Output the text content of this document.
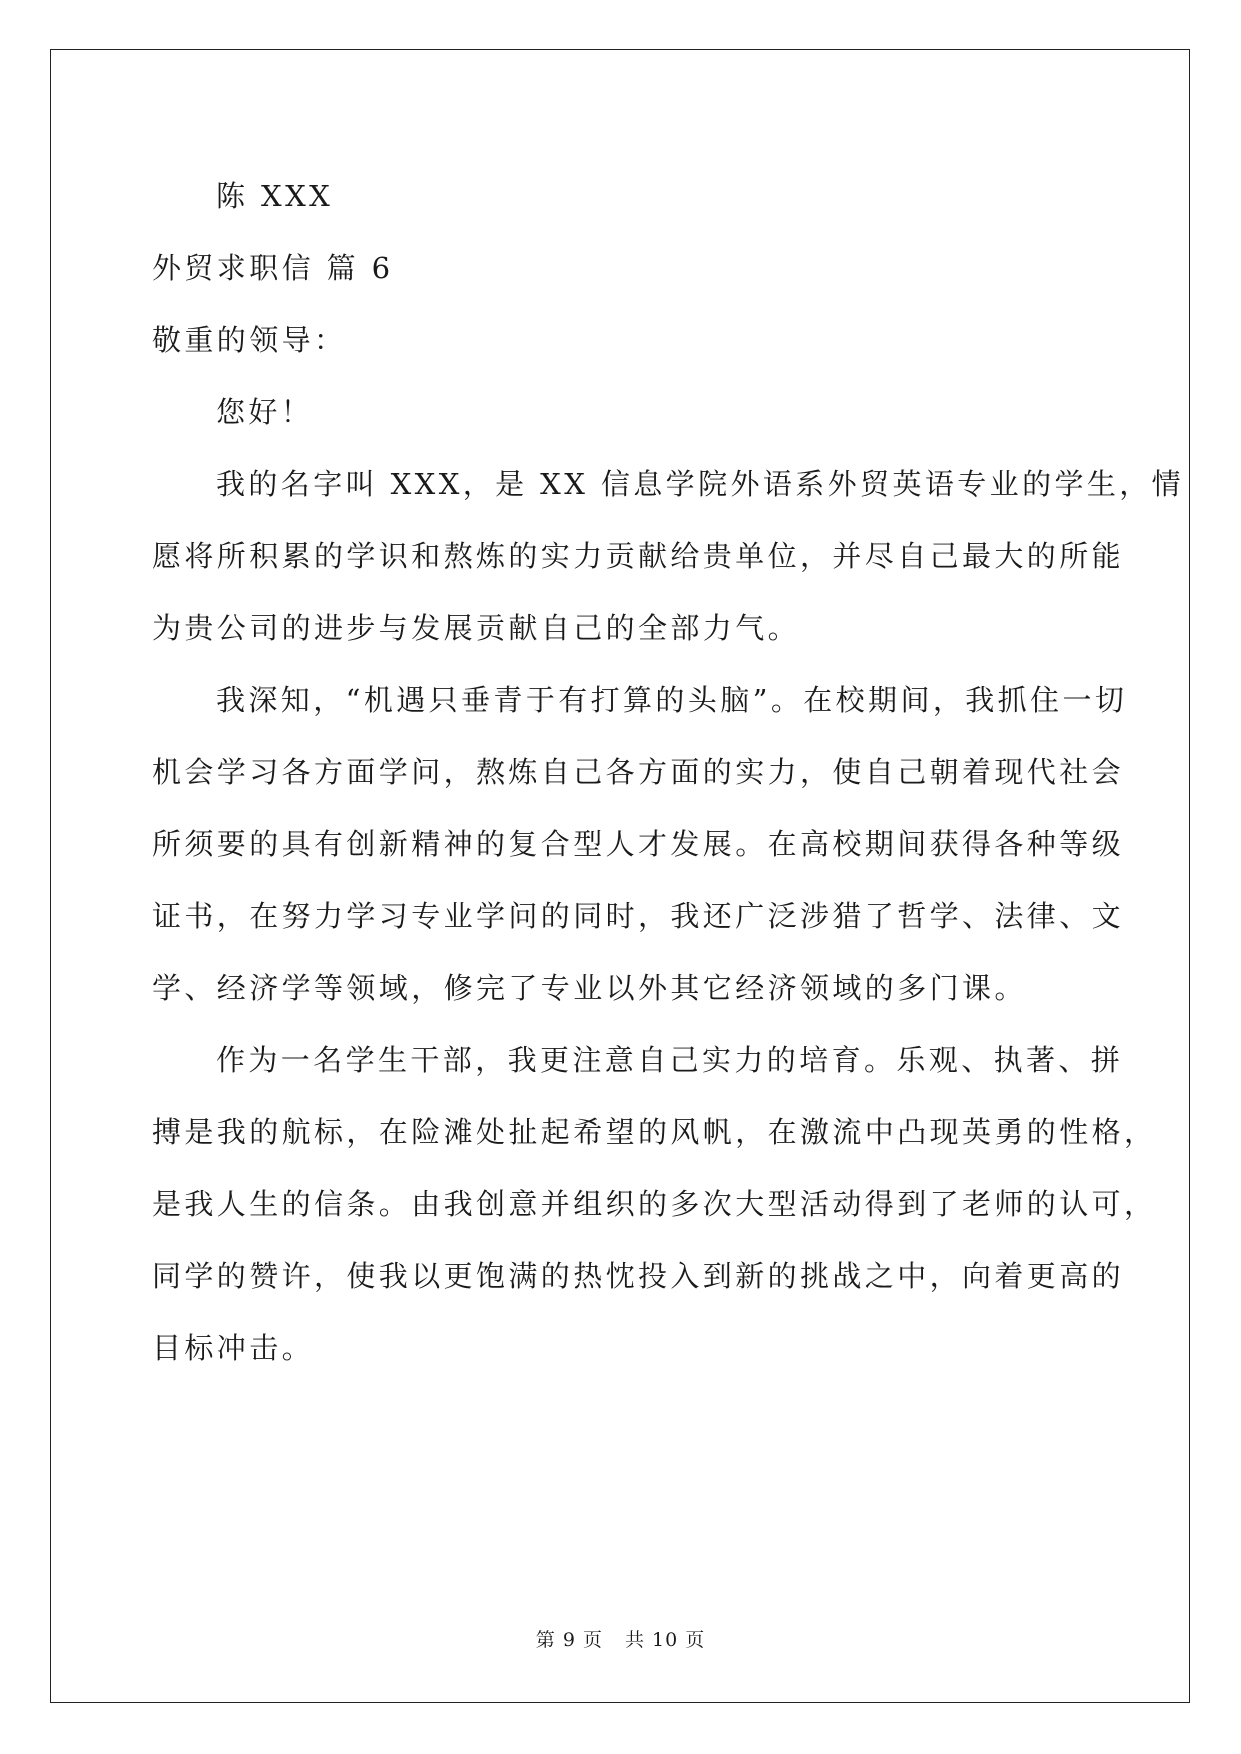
陈 XXX
外贸求职信 篇 6
敬重的领导：
您好！
我的名字叫 XXX，是 XX 信息学院外语系外贸英语专业的学生，情
愿将所积累的学识和熬炼的实力贡献给贵单位，并尽自己最大的所能
为贵公司的进步与发展贡献自己的全部力气。
我深知，“机遇只垂青于有打算的头脑”。在校期间，我抓住一切
机会学习各方面学问，熬炼自己各方面的实力，使自己朝着现代社会
所须要的具有创新精神的复合型人才发展。在高校期间获得各种等级
证书，在努力学习专业学问的同时，我还广泛涉猎了哲学、法律、文
学、经济学等领域，修完了专业以外其它经济领域的多门课。
作为一名学生干部，我更注意自己实力的培育。乐观、执著、拼
搏是我的航标，在险滩处扯起希望的风帆，在激流中凸现英勇的性格，
是我人生的信条。由我创意并组织的多次大型活动得到了老师的认可，
同学的赞许，使我以更饱满的热忱投入到新的挑战之中，向着更高的
目标冲击。
第 9 页 共 10 页
